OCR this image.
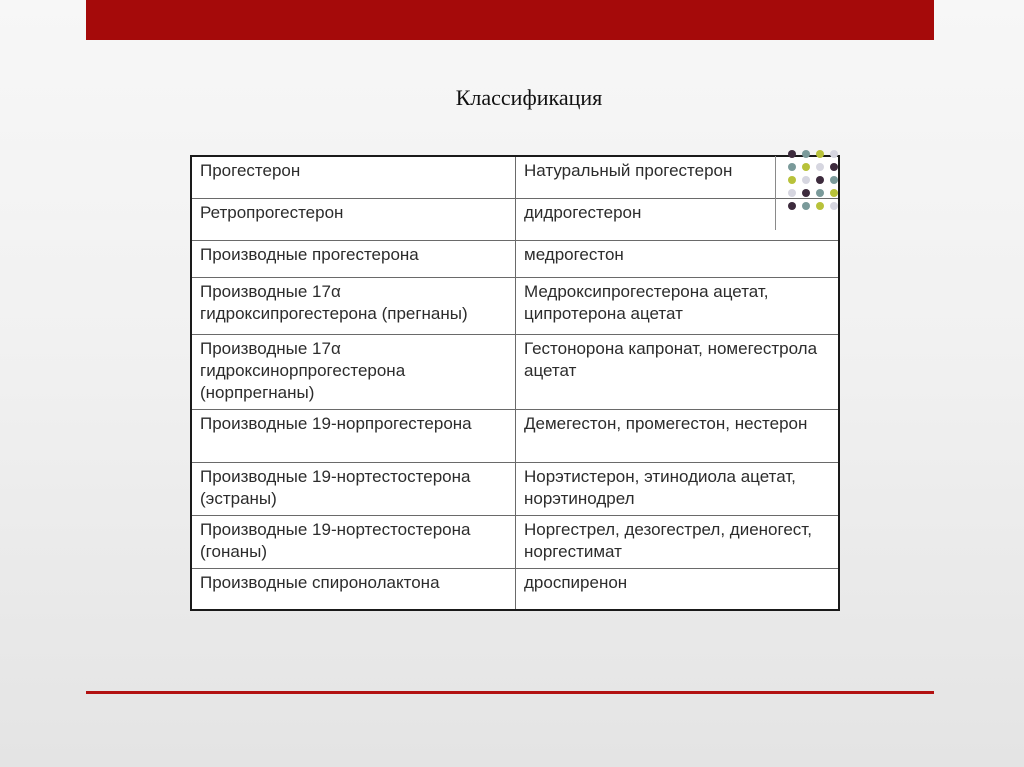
Классификация
Прогестерон	Натуральный прогестерон
Ретропрогестерон	дидрогестерон
Производные прогестерона	медрогестон
Производные 17α гидроксипрогестерона (прегнаны)	Медроксипрогестерона ацетат, ципротерона ацетат
Производные 17α гидроксинорпрогестерона (норпрегнаны)	Гестонорона капронат, номегестрола ацетат
Производные 19-норпрогестерона	Демегестон, промегестон, нестерон
Производные 19-нортестостерона (эстраны)	Норэтистерон, этинодиола ацетат, норэтинодрел
Производные 19-нортестостерона (гонаны)	Норгестрел, дезогестрел, диеногест, норгестимат
Производные спиронолактона	дроспиренон
